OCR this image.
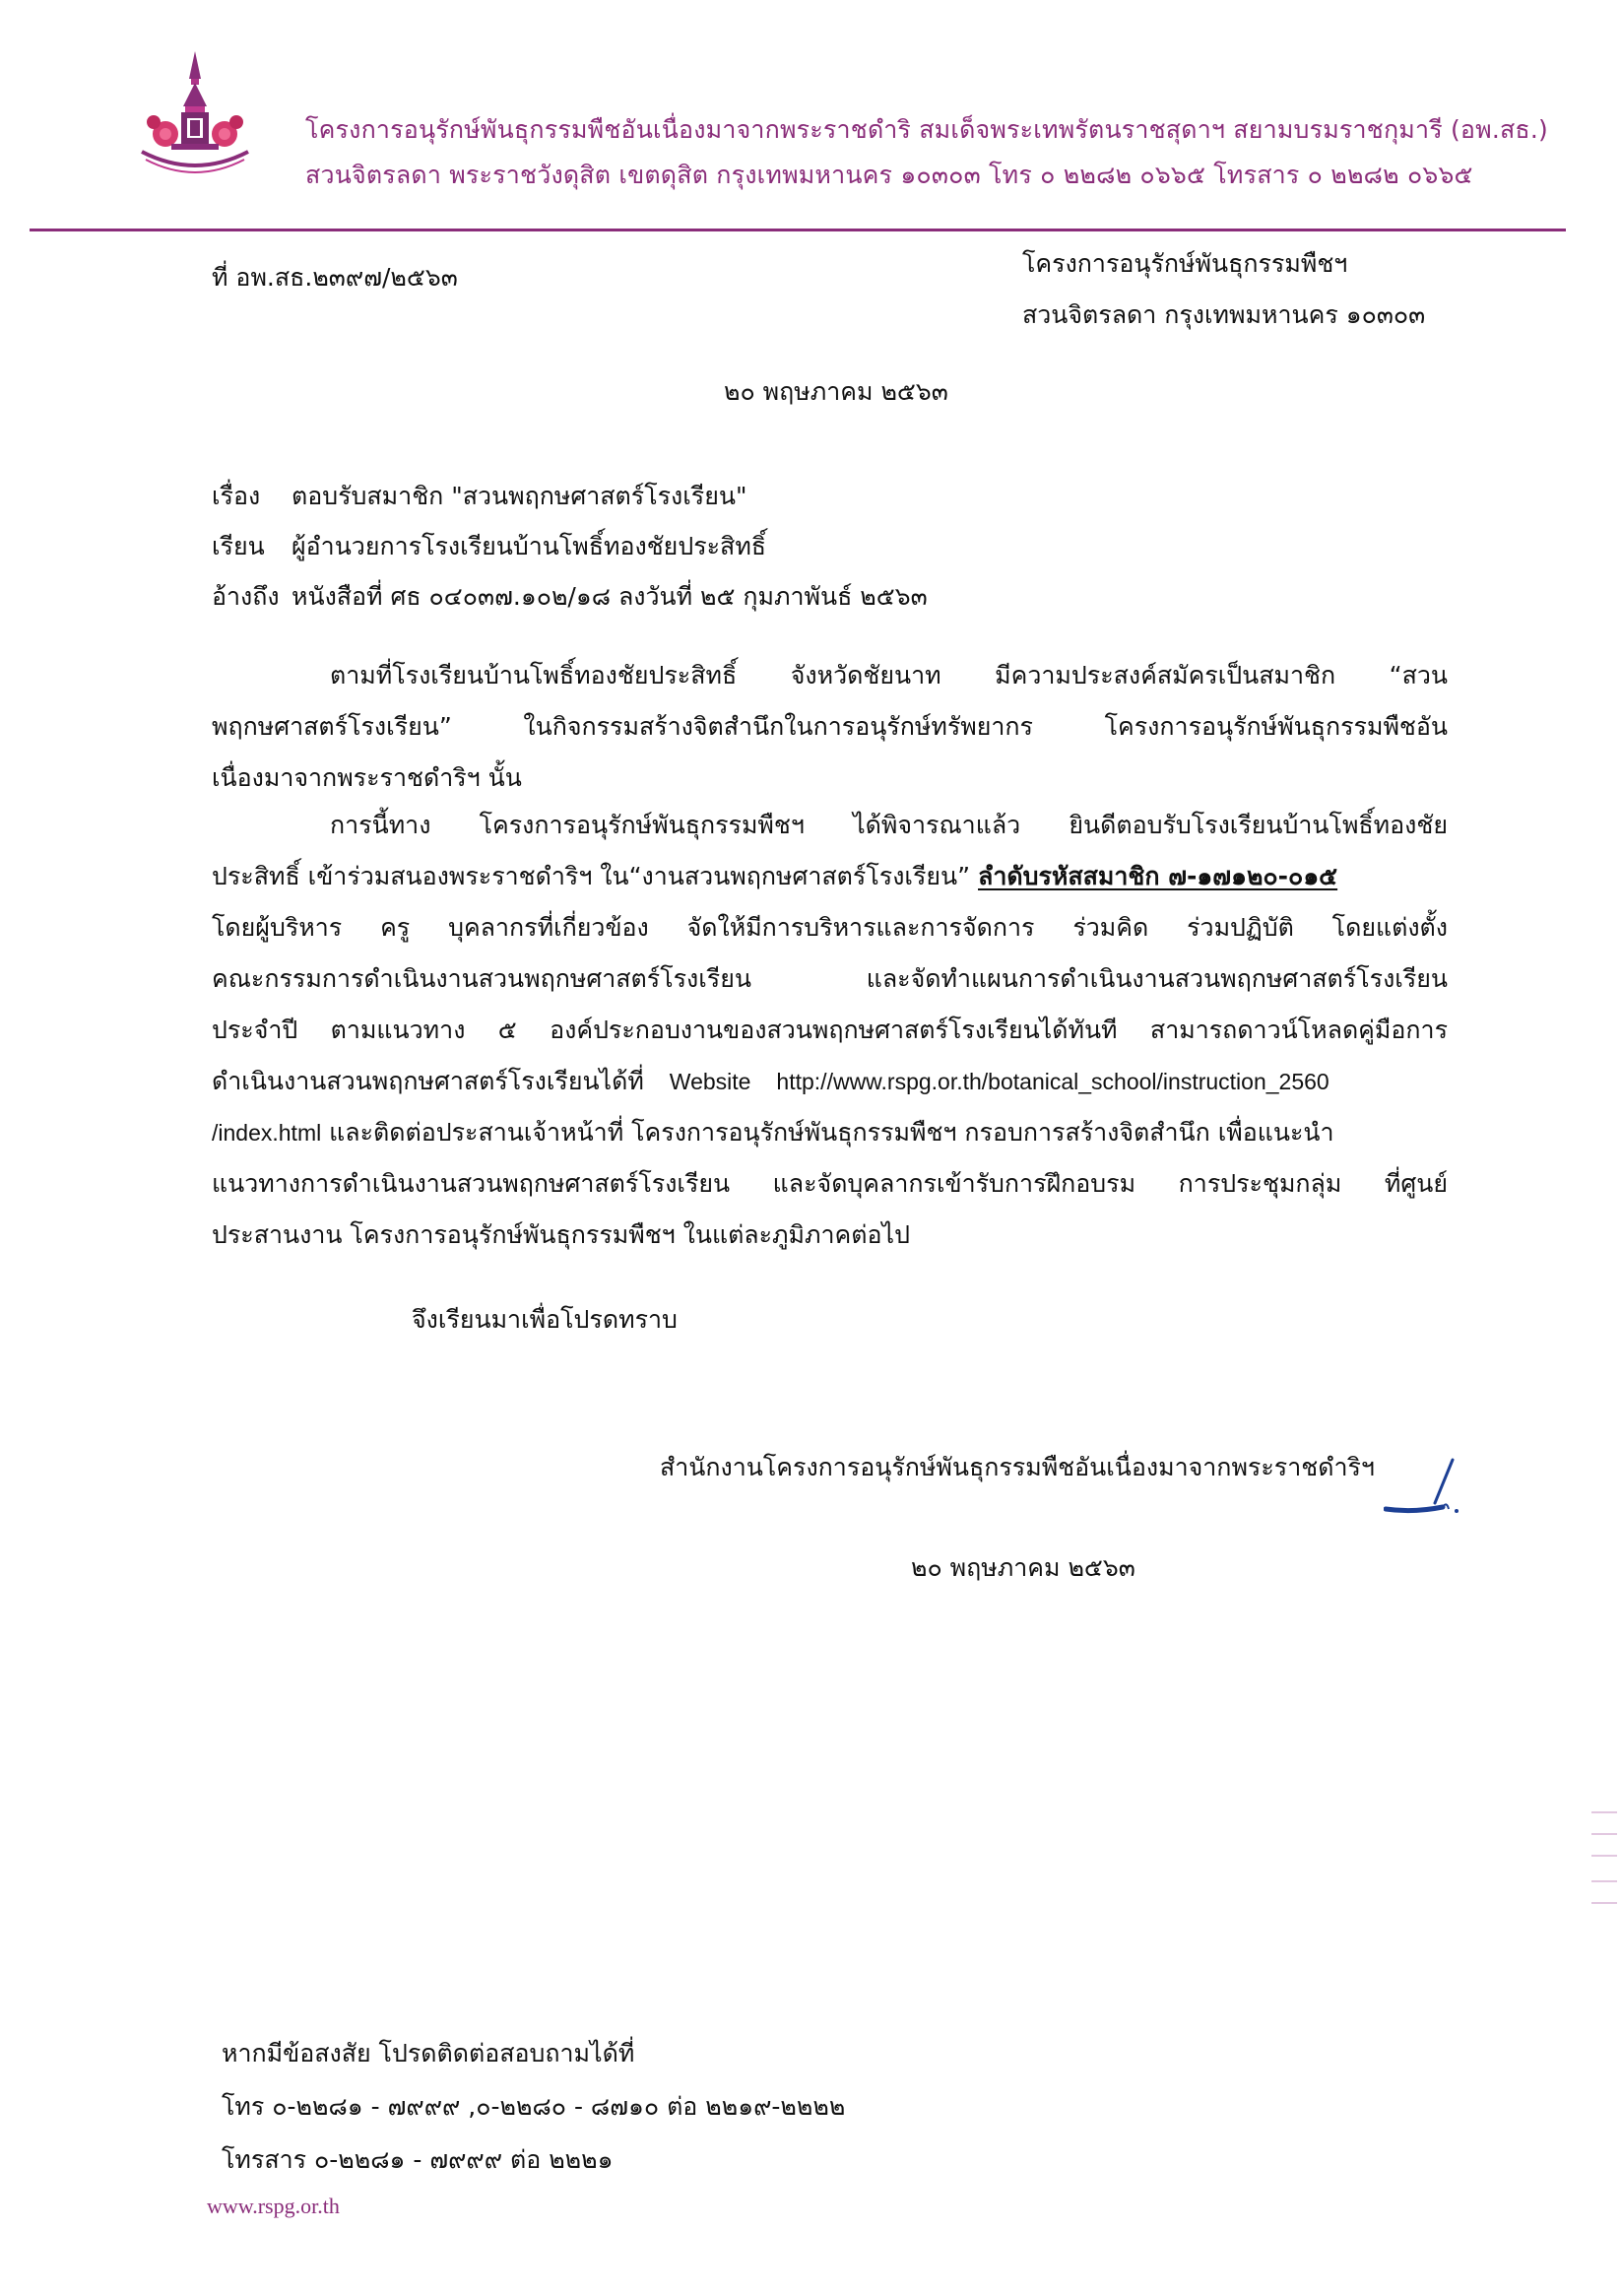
โครงการอนุรักษ์พันธุกรรมพืชอันเนื่องมาจากพระราชดำริ สมเด็จพระเทพรัตนราชสุดาฯ สยามบรมราชกุมารี (อพ.สธ.)
สวนจิตรลดา พระราชวังดุสิต เขตดุสิต กรุงเทพมหานคร ๑๐๓๐๓ โทร ๐ ๒๒๘๒ ๐๖๖๕ โทรสาร ๐ ๒๒๘๒ ๐๖๖๕
ที่ อพ.สธ.๒๓๙๗/๒๕๖๓	โครงการอนุรักษ์พันธุกรรมพืชฯ
สวนจิตรลดา กรุงเทพมหานคร ๑๐๓๐๓
๒๐ พฤษภาคม ๒๕๖๓
เรื่อง	ตอบรับสมาชิก "สวนพฤกษศาสตร์โรงเรียน"
เรียน	ผู้อำนวยการโรงเรียนบ้านโพธิ์ทองชัยประสิทธิ์
อ้างถึง หนังสือที่ ศธ ๐๔๐๓๗.๑๐๒/๑๘ ลงวันที่ ๒๕ กุมภาพันธ์ ๒๕๖๓
ตามที่โรงเรียนบ้านโพธิ์ทองชัยประสิทธิ์ จังหวัดชัยนาท มีความประสงค์สมัครเป็นสมาชิก “สวน
พฤกษศาสตร์โรงเรียน” ในกิจกรรมสร้างจิตสำนึกในการอนุรักษ์ทรัพยากร โครงการอนุรักษ์พันธุกรรมพืชอัน
เนื่องมาจากพระราชดำริฯ นั้น
การนี้ทาง โครงการอนุรักษ์พันธุกรรมพืชฯ ได้พิจารณาแล้ว ยินดีตอบรับโรงเรียนบ้านโพธิ์ทองชัย
ประสิทธิ์ เข้าร่วมสนองพระราชดำริฯ ใน“งานสวนพฤกษศาสตร์โรงเรียน” ลำดับรหัสสมาชิก ๗-๑๗๑๒๐-๐๑๕
โดยผู้บริหาร ครู บุคลากรที่เกี่ยวข้อง จัดให้มีการบริหารและการจัดการ ร่วมคิด ร่วมปฏิบัติ โดยแต่งตั้ง
คณะกรรมการดำเนินงานสวนพฤกษศาสตร์โรงเรียน และจัดทำแผนการดำเนินงานสวนพฤกษศาสตร์โรงเรียน
ประจำปี ตามแนวทาง ๕ องค์ประกอบงานของสวนพฤกษศาสตร์โรงเรียนได้ทันที สามารถดาวน์โหลดคู่มือการ
ดำเนินงานสวนพฤกษศาสตร์โรงเรียนได้ที่ Website http://www.rspg.or.th/botanical_school/instruction_2560
/index.html และติดต่อประสานเจ้าหน้าที่ โครงการอนุรักษ์พันธุกรรมพืชฯ กรอบการสร้างจิตสำนึก เพื่อแนะนำ
แนวทางการดำเนินงานสวนพฤกษศาสตร์โรงเรียน และจัดบุคลากรเข้ารับการฝึกอบรม การประชุมกลุ่ม ที่ศูนย์
ประสานงาน โครงการอนุรักษ์พันธุกรรมพืชฯ ในแต่ละภูมิภาคต่อไป
จึงเรียนมาเพื่อโปรดทราบ
สำนักงานโครงการอนุรักษ์พันธุกรรมพืชอันเนื่องมาจากพระราชดำริฯ
๒๐ พฤษภาคม ๒๕๖๓
หากมีข้อสงสัย โปรดติดต่อสอบถามได้ที่
โทร ๐-๒๒๘๑ - ๗๙๙๙ ,๐-๒๒๘๐ - ๘๗๑๐ ต่อ ๒๒๑๙-๒๒๒๒
โทรสาร ๐-๒๒๘๑ - ๗๙๙๙ ต่อ ๒๒๒๑
www.rspg.or.th
